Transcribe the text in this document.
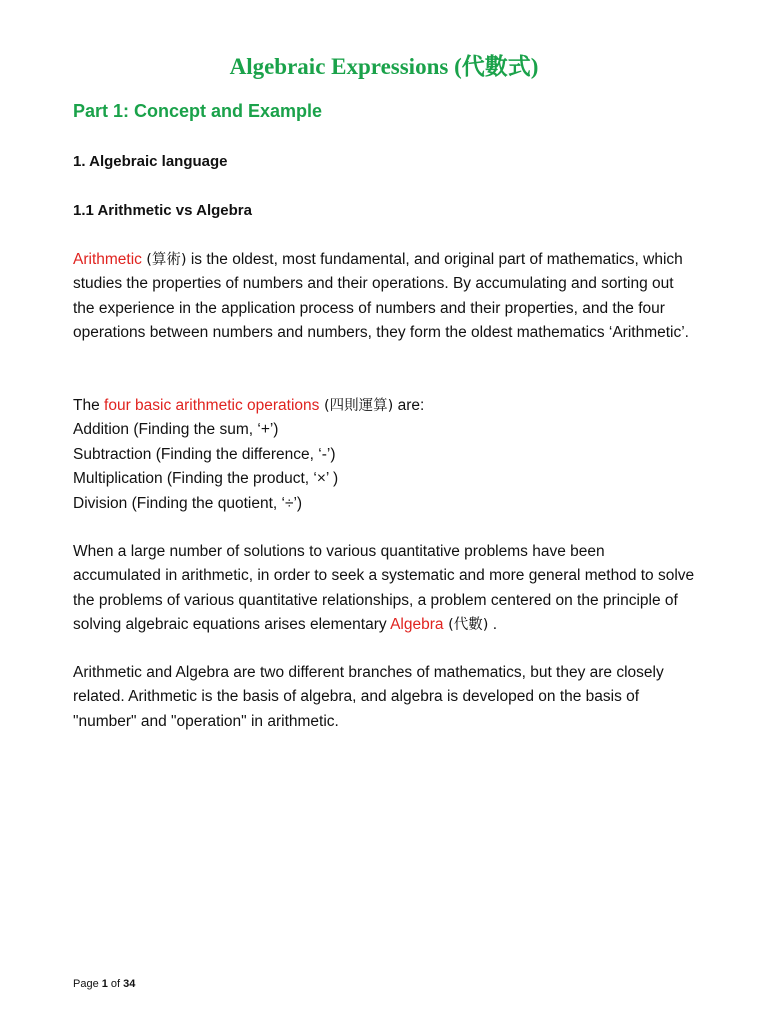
Algebraic Expressions (代數式)
Part 1: Concept and Example
1. Algebraic language
1.1 Arithmetic vs Algebra
Arithmetic (算術) is the oldest, most fundamental, and original part of mathematics, which studies the properties of numbers and their operations. By accumulating and sorting out the experience in the application process of numbers and their properties, and the four operations between numbers and numbers, they form the oldest mathematics ‘Arithmetic’.
The four basic arithmetic operations (四則運算) are:
Addition (Finding the sum, ‘+’)
Subtraction (Finding the difference, ‘-’)
Multiplication (Finding the product, ‘×’ )
Division (Finding the quotient, ‘÷’)
When a large number of solutions to various quantitative problems have been accumulated in arithmetic, in order to seek a systematic and more general method to solve the problems of various quantitative relationships, a problem centered on the principle of solving algebraic equations arises elementary Algebra (代數) .
Arithmetic and Algebra are two different branches of mathematics, but they are closely related. Arithmetic is the basis of algebra, and algebra is developed on the basis of "number" and "operation" in arithmetic.
Page 1 of 34
